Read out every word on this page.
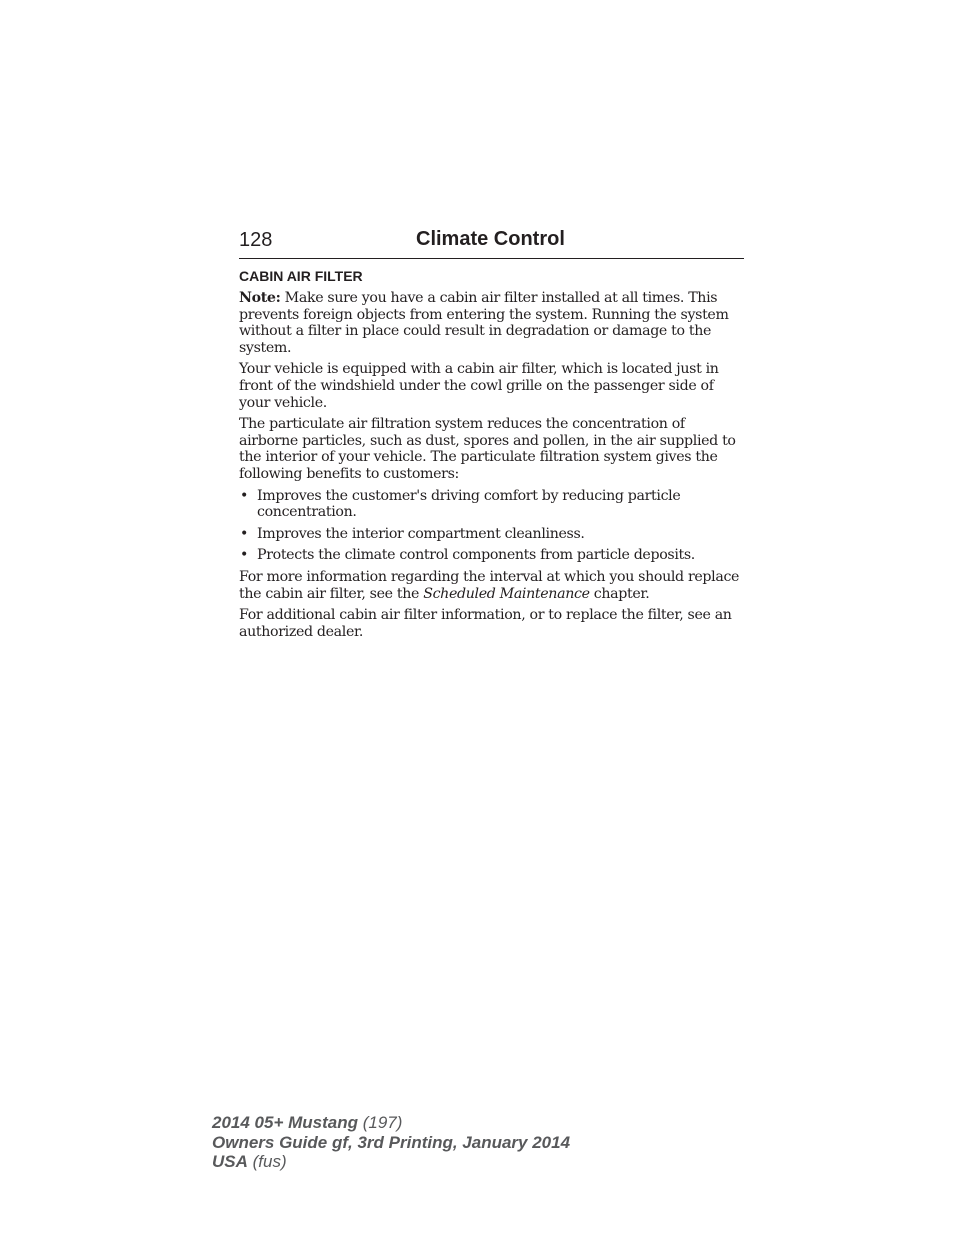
128	Climate Control
CABIN AIR FILTER

Note: Make sure you have a cabin air filter installed at all times. This prevents foreign objects from entering the system. Running the system without a filter in place could result in degradation or damage to the system.

Your vehicle is equipped with a cabin air filter, which is located just in front of the windshield under the cowl grille on the passenger side of your vehicle.

The particulate air filtration system reduces the concentration of airborne particles, such as dust, spores and pollen, in the air supplied to the interior of your vehicle. The particulate filtration system gives the following benefits to customers:

• Improves the customer's driving comfort by reducing particle concentration.
• Improves the interior compartment cleanliness.
• Protects the climate control components from particle deposits.

For more information regarding the interval at which you should replace the cabin air filter, see the Scheduled Maintenance chapter.

For additional cabin air filter information, or to replace the filter, see an authorized dealer.

2014 05+ Mustang (197)
Owners Guide gf, 3rd Printing, January 2014
USA (fus)
